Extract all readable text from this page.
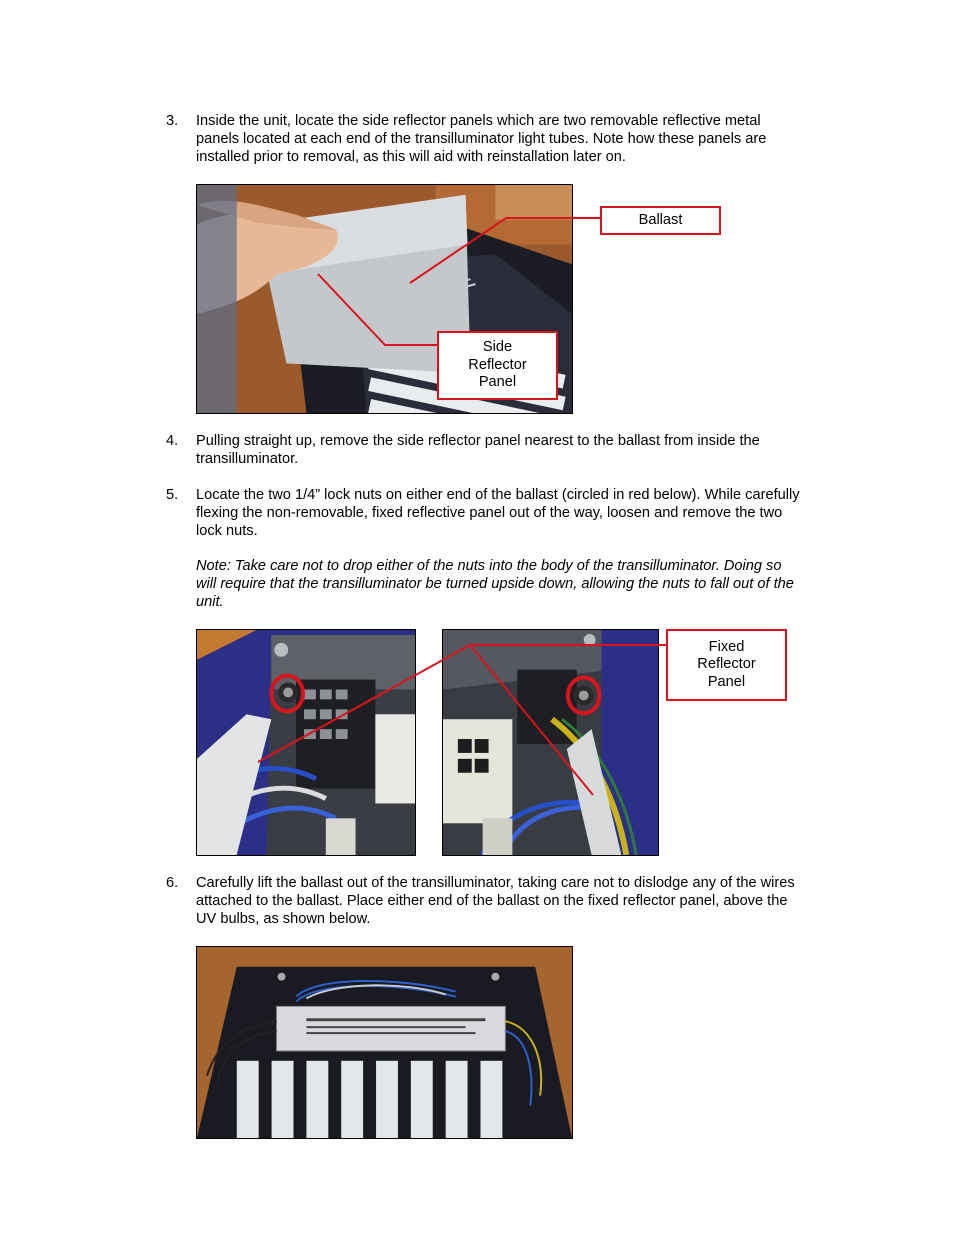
3. Inside the unit, locate the side reflector panels which are two removable reflective metal
panels located at each end of the transilluminator light tubes. Note how these panels are
installed prior to removal, as this will aid with reinstallation later on.
Ballast
Side
Reflector
Panel
4. Pulling straight up, remove the side reflector panel nearest to the ballast from inside the
transilluminator.
5. Locate the two 1/4” lock nuts on either end of the ballast (circled in red below). While carefully
flexing the non-removable, fixed reflective panel out of the way, loosen and remove the two
lock nuts.
Note: Take care not to drop either of the nuts into the body of the transilluminator. Doing so
will require that the transilluminator be turned upside down, allowing the nuts to fall out of the
unit.
Fixed
Reflector
Panel
6. Carefully lift the ballast out of the transilluminator, taking care not to dislodge any of the wires
attached to the ballast. Place either end of the ballast on the fixed reflector panel, above the
UV bulbs, as shown below.
